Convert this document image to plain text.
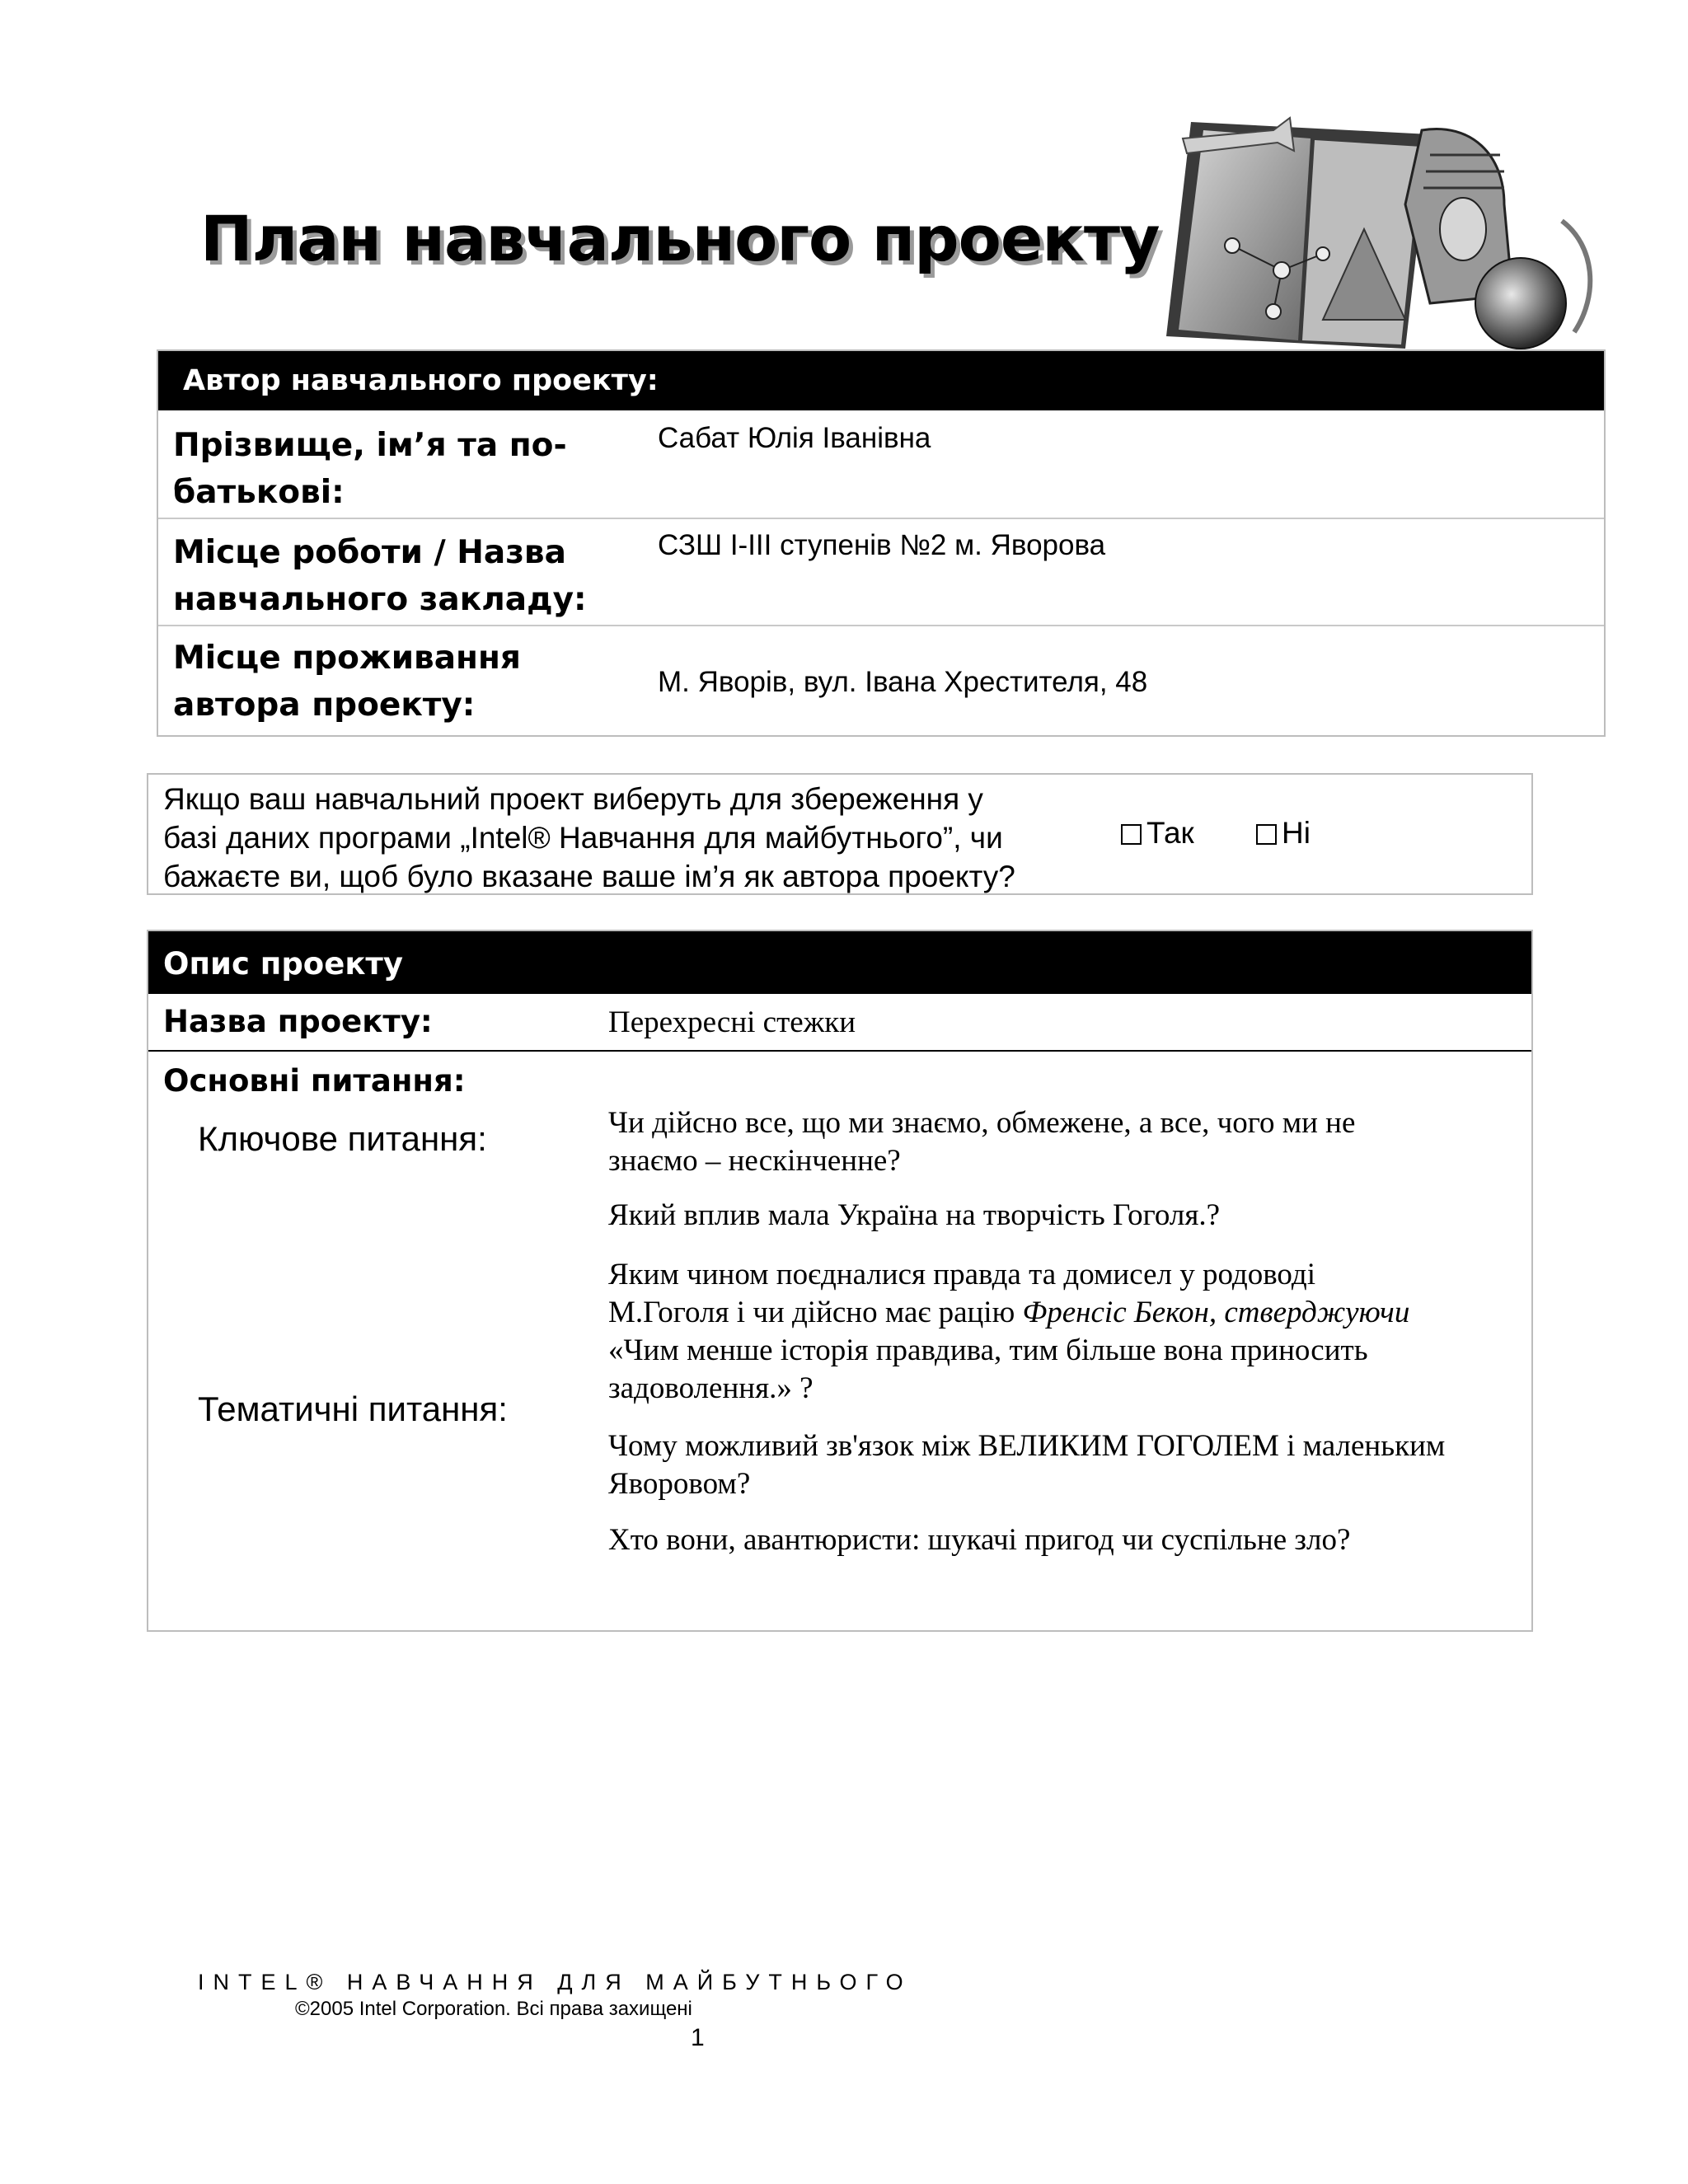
План навчального проекту
Автор навчального проекту:
Прізвище, ім’я та по-батькові:
Сабат Юлія Іванівна
Місце роботи / Назва навчального закладу:
СЗШ І-ІІІ ступенів №2 м. Яворова
Місце проживання автора проекту:
М. Яворів, вул. Івана Хрестителя, 48
Якщо ваш навчальний проект виберуть для збереження у
базі даних програми „Intel® Навчання для майбутнього”, чи
бажаєте ви, щоб було вказане ваше ім’я як автора проекту?
Так	Ні
Опис проекту
Назва проекту:	Перехресні стежки
Основні питання:
Ключове питання:
Тематичні питання:
Чи дійсно все, що ми знаємо, обмежене, а все, чого ми не
знаємо – нескінченне?
Який вплив мала Україна на творчість Гоголя.?
Яким чином поєдналися правда та домисел у родоводі
М.Гоголя і чи дійсно має рацію Френсіс Бекон, стверджуючи
«Чим менше історія правдива, тим більше вона приносить
задоволення.» ?
Чому можливий зв'язок між ВЕЛИКИМ ГОГОЛЕМ і маленьким
Яворовом?
Хто вони, авантюристи: шукачі пригод чи суспільне зло?
INTEL® НАВЧАННЯ ДЛЯ МАЙБУТНЬОГО
©2005 Intel Corporation. Всі права захищені
1
